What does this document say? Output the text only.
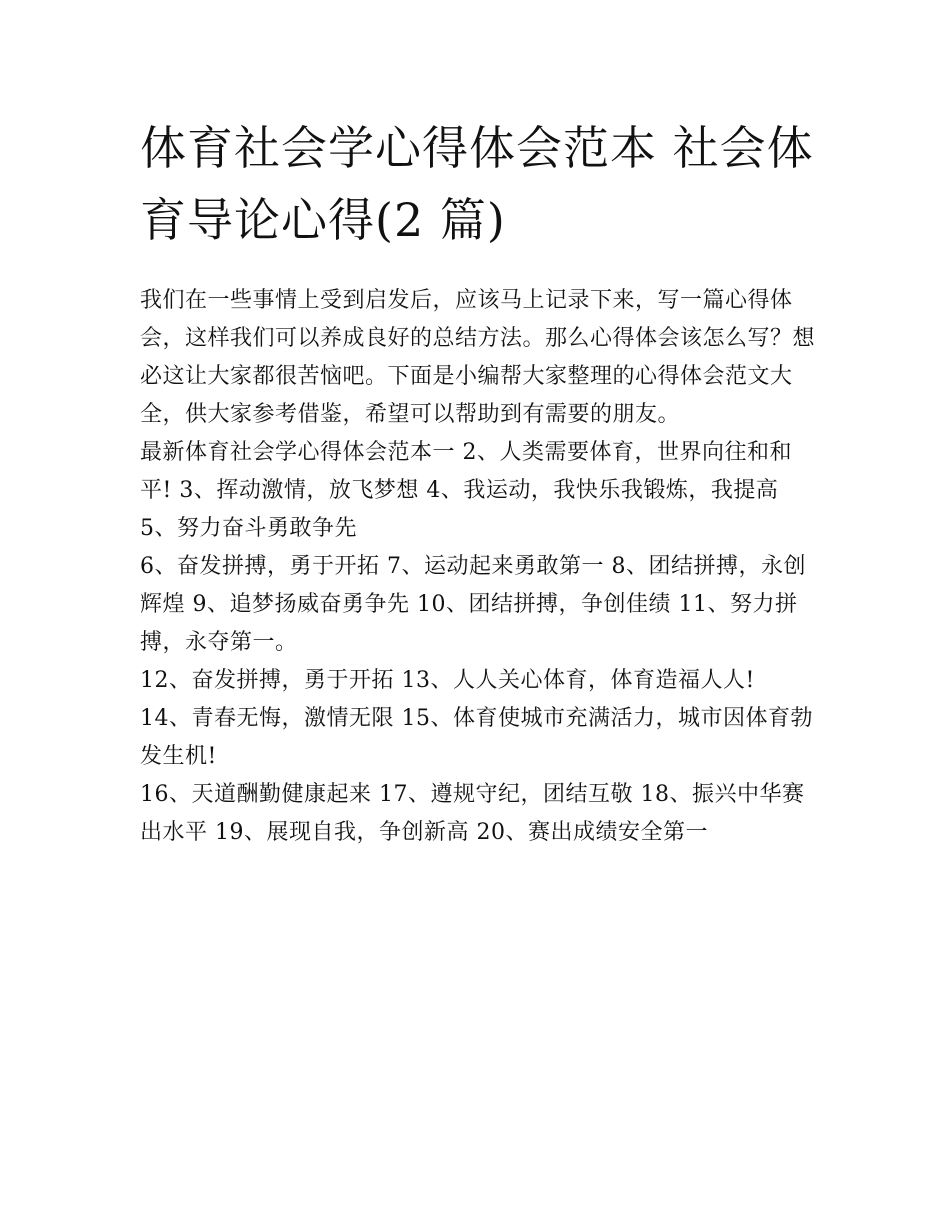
体育社会学心得体会范本 社会体育导论心得(2 篇)

我们在一些事情上受到启发后，应该马上记录下来，写一篇心得体会，这样我们可以养成良好的总结方法。那么心得体会该怎么写？想必这让大家都很苦恼吧。下面是小编帮大家整理的心得体会范文大全，供大家参考借鉴，希望可以帮助到有需要的朋友。

最新体育社会学心得体会范本一 2、人类需要体育，世界向往和和平! 3、挥动激情，放飞梦想 4、我运动，我快乐我锻炼，我提高 5、努力奋斗勇敢争先

6、奋发拼搏，勇于开拓 7、运动起来勇敢第一 8、团结拼搏，永创辉煌 9、追梦扬威奋勇争先 10、团结拼搏，争创佳绩 11、努力拼搏，永夺第一。

12、奋发拼搏，勇于开拓 13、人人关心体育，体育造福人人!

14、青春无悔，激情无限 15、体育使城市充满活力，城市因体育勃发生机!

16、天道酬勤健康起来 17、遵规守纪，团结互敬 18、振兴中华赛出水平 19、展现自我，争创新高 20、赛出成绩安全第一
